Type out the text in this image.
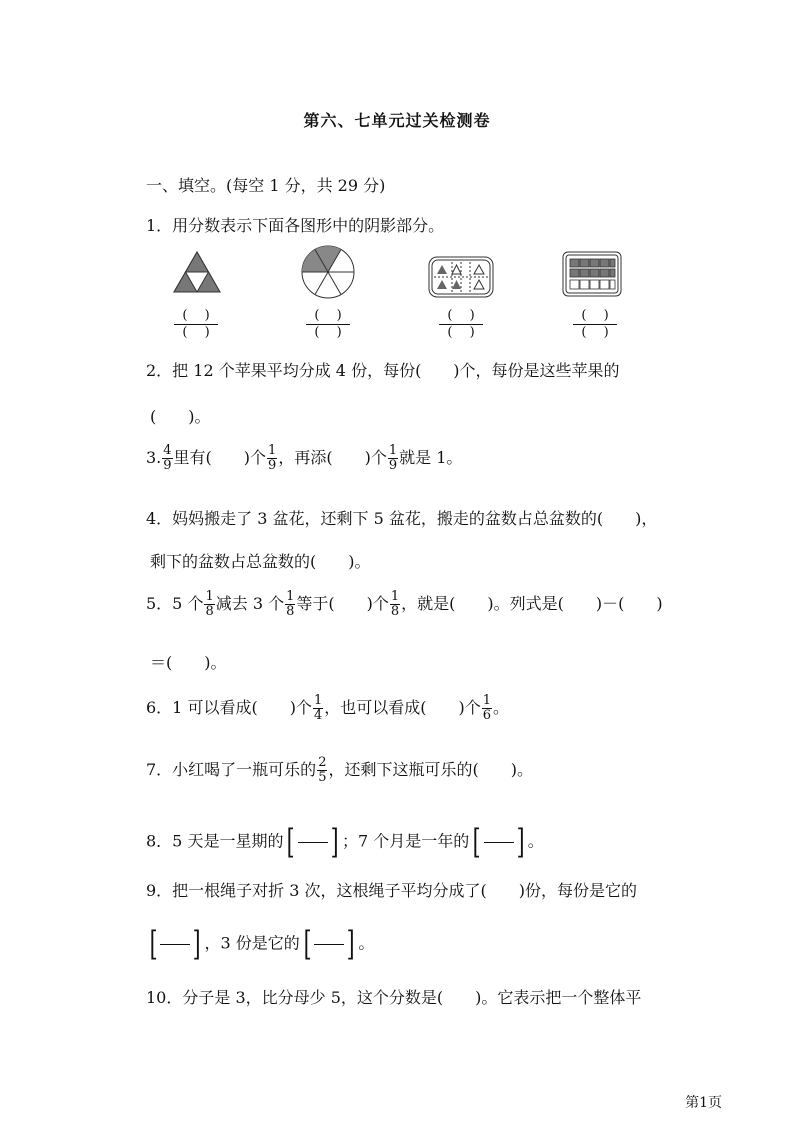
第六、七单元过关检测卷
一、填空。(每空 1 分，共 29 分)
1．用分数表示下面各图形中的阴影部分。
(　 )
(　 )
(　 )
(　 )
(　 )
(　 )
(　 )
(　 )
2．把 12 个苹果平均分成 4 份，每份(　　)个，每份是这些苹果的
(　　)。
3. $\frac{4}{9}$ 里有(　　)个 $\frac{1}{9}$ ，再添(　　)个 $\frac{1}{9}$ 就是 1。
4．妈妈搬走了 3 盆花，还剩下 5 盆花，搬走的盆数占总盆数的(　　)，
剩下的盆数占总盆数的(　　)。
5．5 个 $\frac{1}{8}$ 减去 3 个 $\frac{1}{8}$ 等于(　　)个 $\frac{1}{8}$ ，就是(　　)。列式是(　　)－(　　)
＝(　　)。
6．1 可以看成(　　)个 $\frac{1}{4}$ ，也可以看成(　　)个 $\frac{1}{6}$ 。
7．小红喝了一瓶可乐的 $\frac{2}{5}$ ，还剩下这瓶可乐的(　　)。
8．5 天是一星期的 [ ] ；7 个月是一年的 [ ] 。
9．把一根绳子对折 3 次，这根绳子平均分成了(　　)份，每份是它的
[ ] ，3 份是它的 [ ] 。
10．分子是 3，比分母少 5，这个分数是(　　)。它表示把一个整体平
第1页
